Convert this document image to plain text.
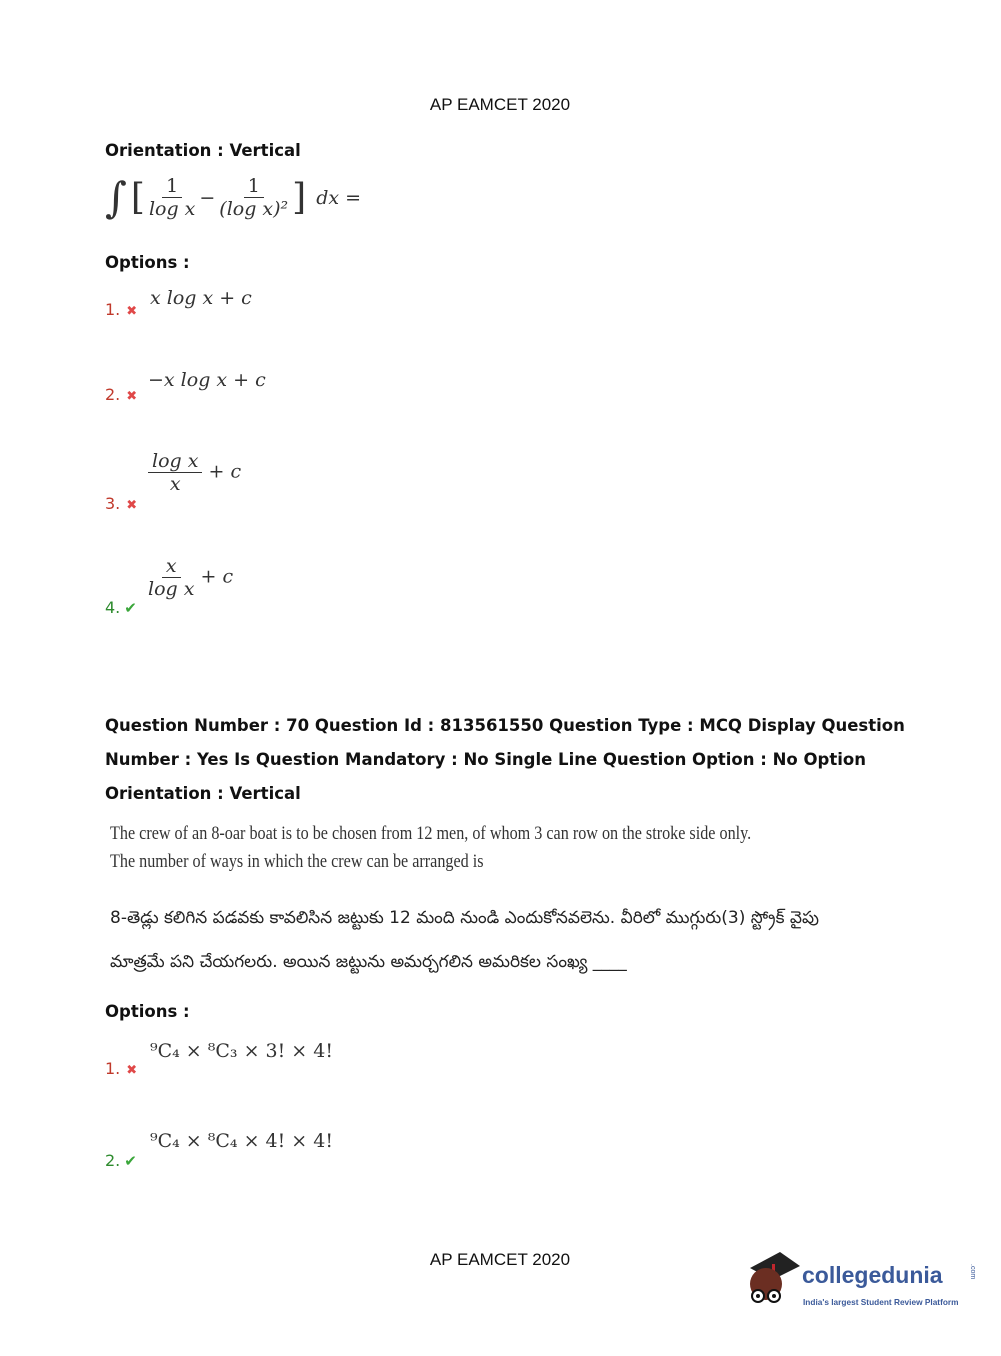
AP EAMCET 2020
Orientation : Vertical
∫ [ $\frac{1}{\text{log x}} - \frac{1}{\text{(log x)²}}$ ] dx =
Options :
1. ✖
x log x + c
2. ✖
−x log x + c
3. ✖
$\frac{\text{log x}}{x} + c$
4. ✔
$\frac{x}{\text{log x}} + c$
Question Number : 70 Question Id : 813561550 Question Type : MCQ Display Question
Number : Yes Is Question Mandatory : No Single Line Question Option : No Option
Orientation : Vertical
The crew of an 8-oar boat is to be chosen from 12 men, of whom 3 can row on the stroke side only.
The number of ways in which the crew can be arranged is
8-తెడ్లు కలిగిన పడవకు కావలిసిన జట్టుకు 12 మంది నుండి ఎందుకోనవలెను. వీరిలో ముగ్గురు(3) స్ట్రోక్ వైపు
మాత్రమే పని చేయగలరు. అయిన జట్టును అమర్చగలిన అమరికల సంఖ్య ____
Options :
1. ✖
⁹C₄ × ⁸C₃ × 3! × 4!
2. ✔
⁹C₄ × ⁸C₄ × 4! × 4!
AP EAMCET 2020
collegedunia	.com
India's largest Student Review Platform
